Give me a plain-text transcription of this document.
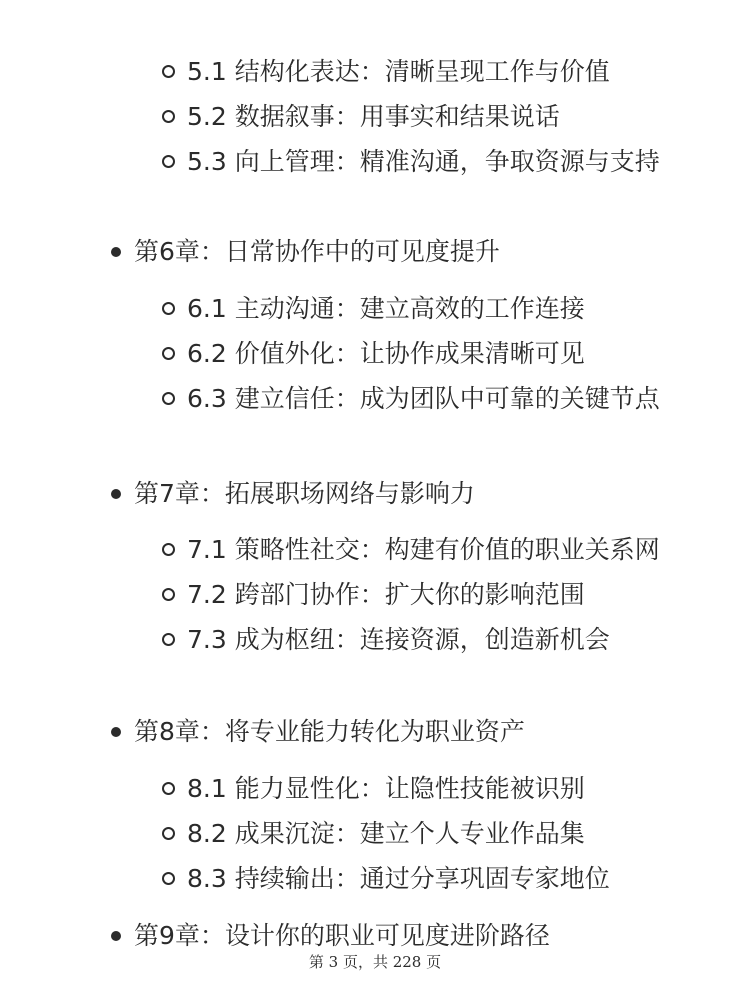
5.1 结构化表达：清晰呈现工作与价值
5.2 数据叙事：用事实和结果说话
5.3 向上管理：精准沟通，争取资源与支持
第6章：日常协作中的可见度提升
6.1 主动沟通：建立高效的工作连接
6.2 价值外化：让协作成果清晰可见
6.3 建立信任：成为团队中可靠的关键节点
第7章：拓展职场网络与影响力
7.1 策略性社交：构建有价值的职业关系网
7.2 跨部门协作：扩大你的影响范围
7.3 成为枢纽：连接资源，创造新机会
第8章：将专业能力转化为职业资产
8.1 能力显性化：让隐性技能被识别
8.2 成果沉淀：建立个人专业作品集
8.3 持续输出：通过分享巩固专家地位
第9章：设计你的职业可见度进阶路径
第 3 页，共 228 页
